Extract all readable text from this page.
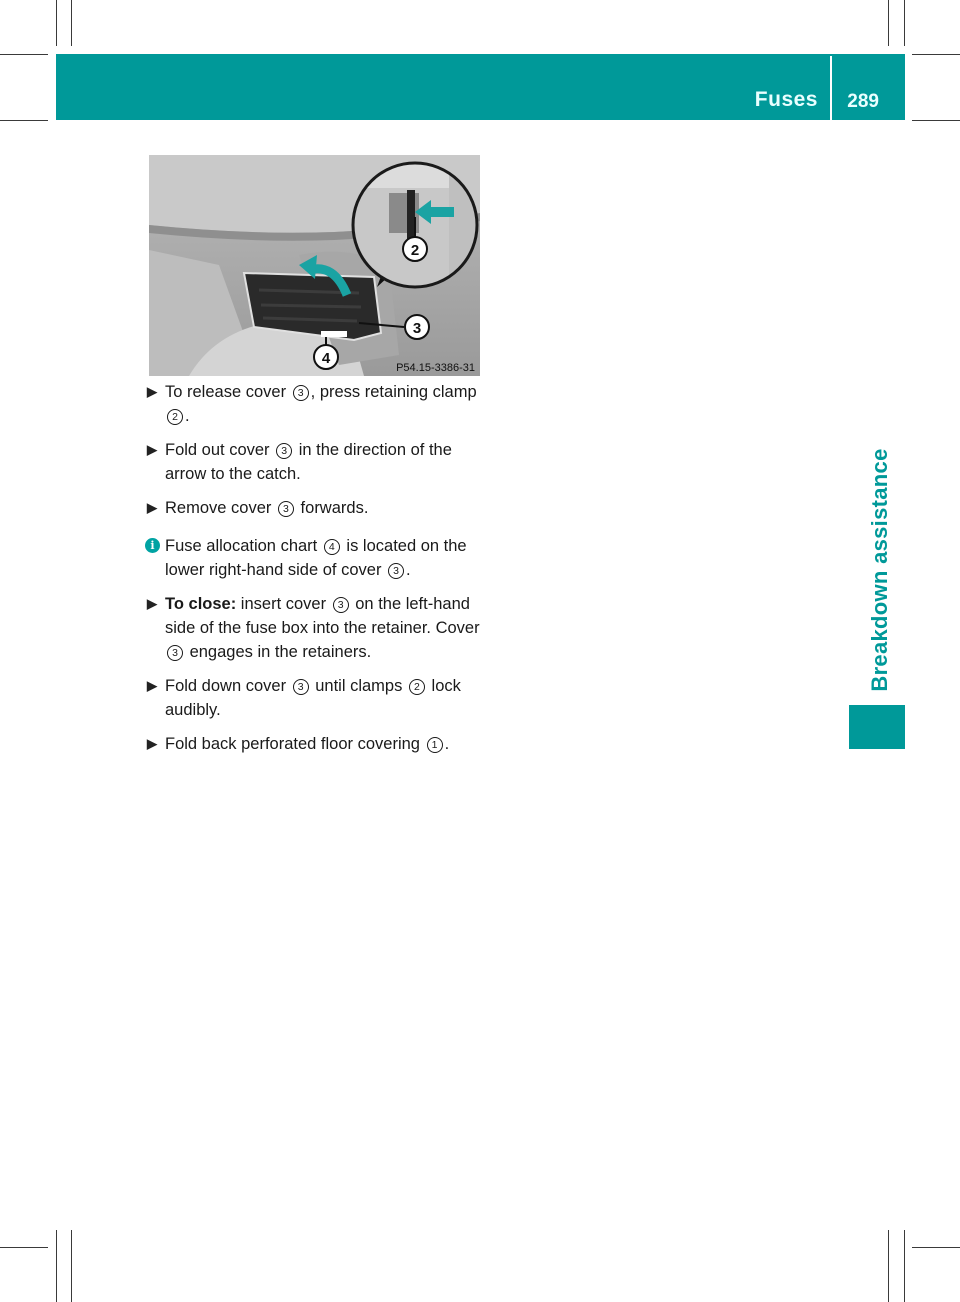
Fuses 289
Breakdown assistance
2
3
4
P54.15-3386-31
▶ To release cover 3 , press retaining clamp 2 .
▶ Fold out cover 3 in the direction of the arrow to the catch.
▶ Remove cover 3 forwards.
i Fuse allocation chart 4 is located on the lower right-hand side of cover 3 .
▶ To close: insert cover 3 on the left-hand side of the fuse box into the retainer. Cover 3 engages in the retainers.
▶ Fold down cover 3 until clamps 2 lock audibly.
▶ Fold back perforated floor covering 1 .
